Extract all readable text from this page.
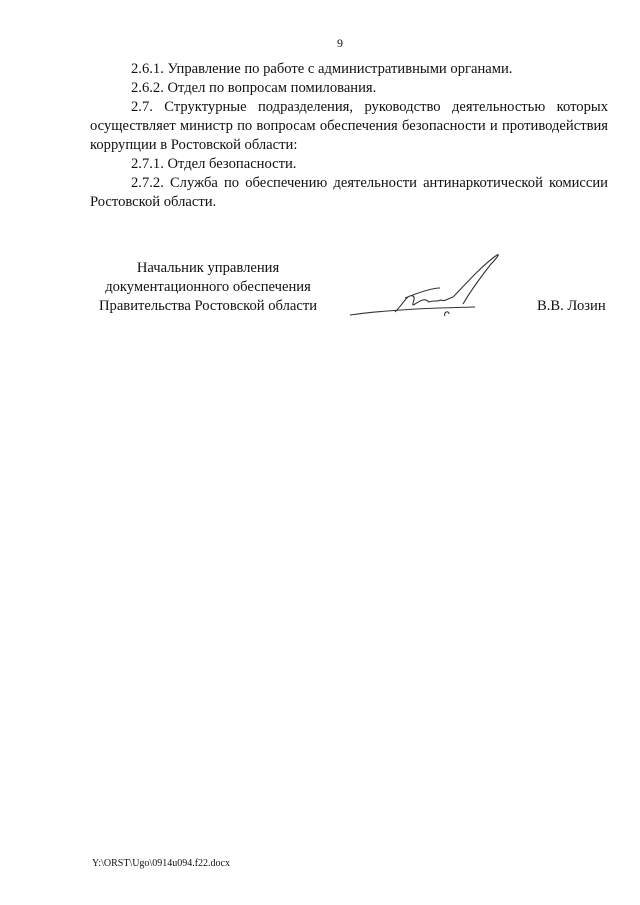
9

2.6.1. Управление по работе с административными органами.

2.6.2. Отдел по вопросам помилования.

2.7. Структурные подразделения, руководство деятельностью которых осуществляет министр по вопросам обеспечения безопасности и противодействия коррупции в Ростовской области:

2.7.1. Отдел безопасности.

2.7.2. Служба по обеспечению деятельности антинаркотической комиссии Ростовской области.

Начальник управления
документационного обеспечения
Правительства Ростовской области	В.В. Лозин
Y:\ORST\Ugo\0914u094.f22.docx
